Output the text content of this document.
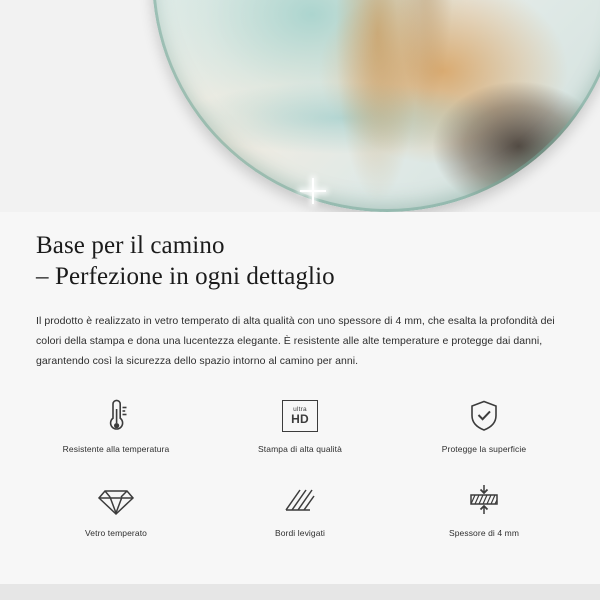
Base per il camino
– Perfezione in ogni dettaglio
Il prodotto è realizzato in vetro temperato di alta qualità con uno spessore di 4 mm, che esalta la profondità dei colori della stampa e dona una lucentezza elegante. È resistente alle alte temperature e protegge dai danni, garantendo così la sicurezza dello spazio intorno al camino per anni.
Resistente alla temperatura
ultra
HD
Stampa di alta qualità	Protegge la superficie
Vetro temperato	Bordi levigati	Spessore di 4 mm
